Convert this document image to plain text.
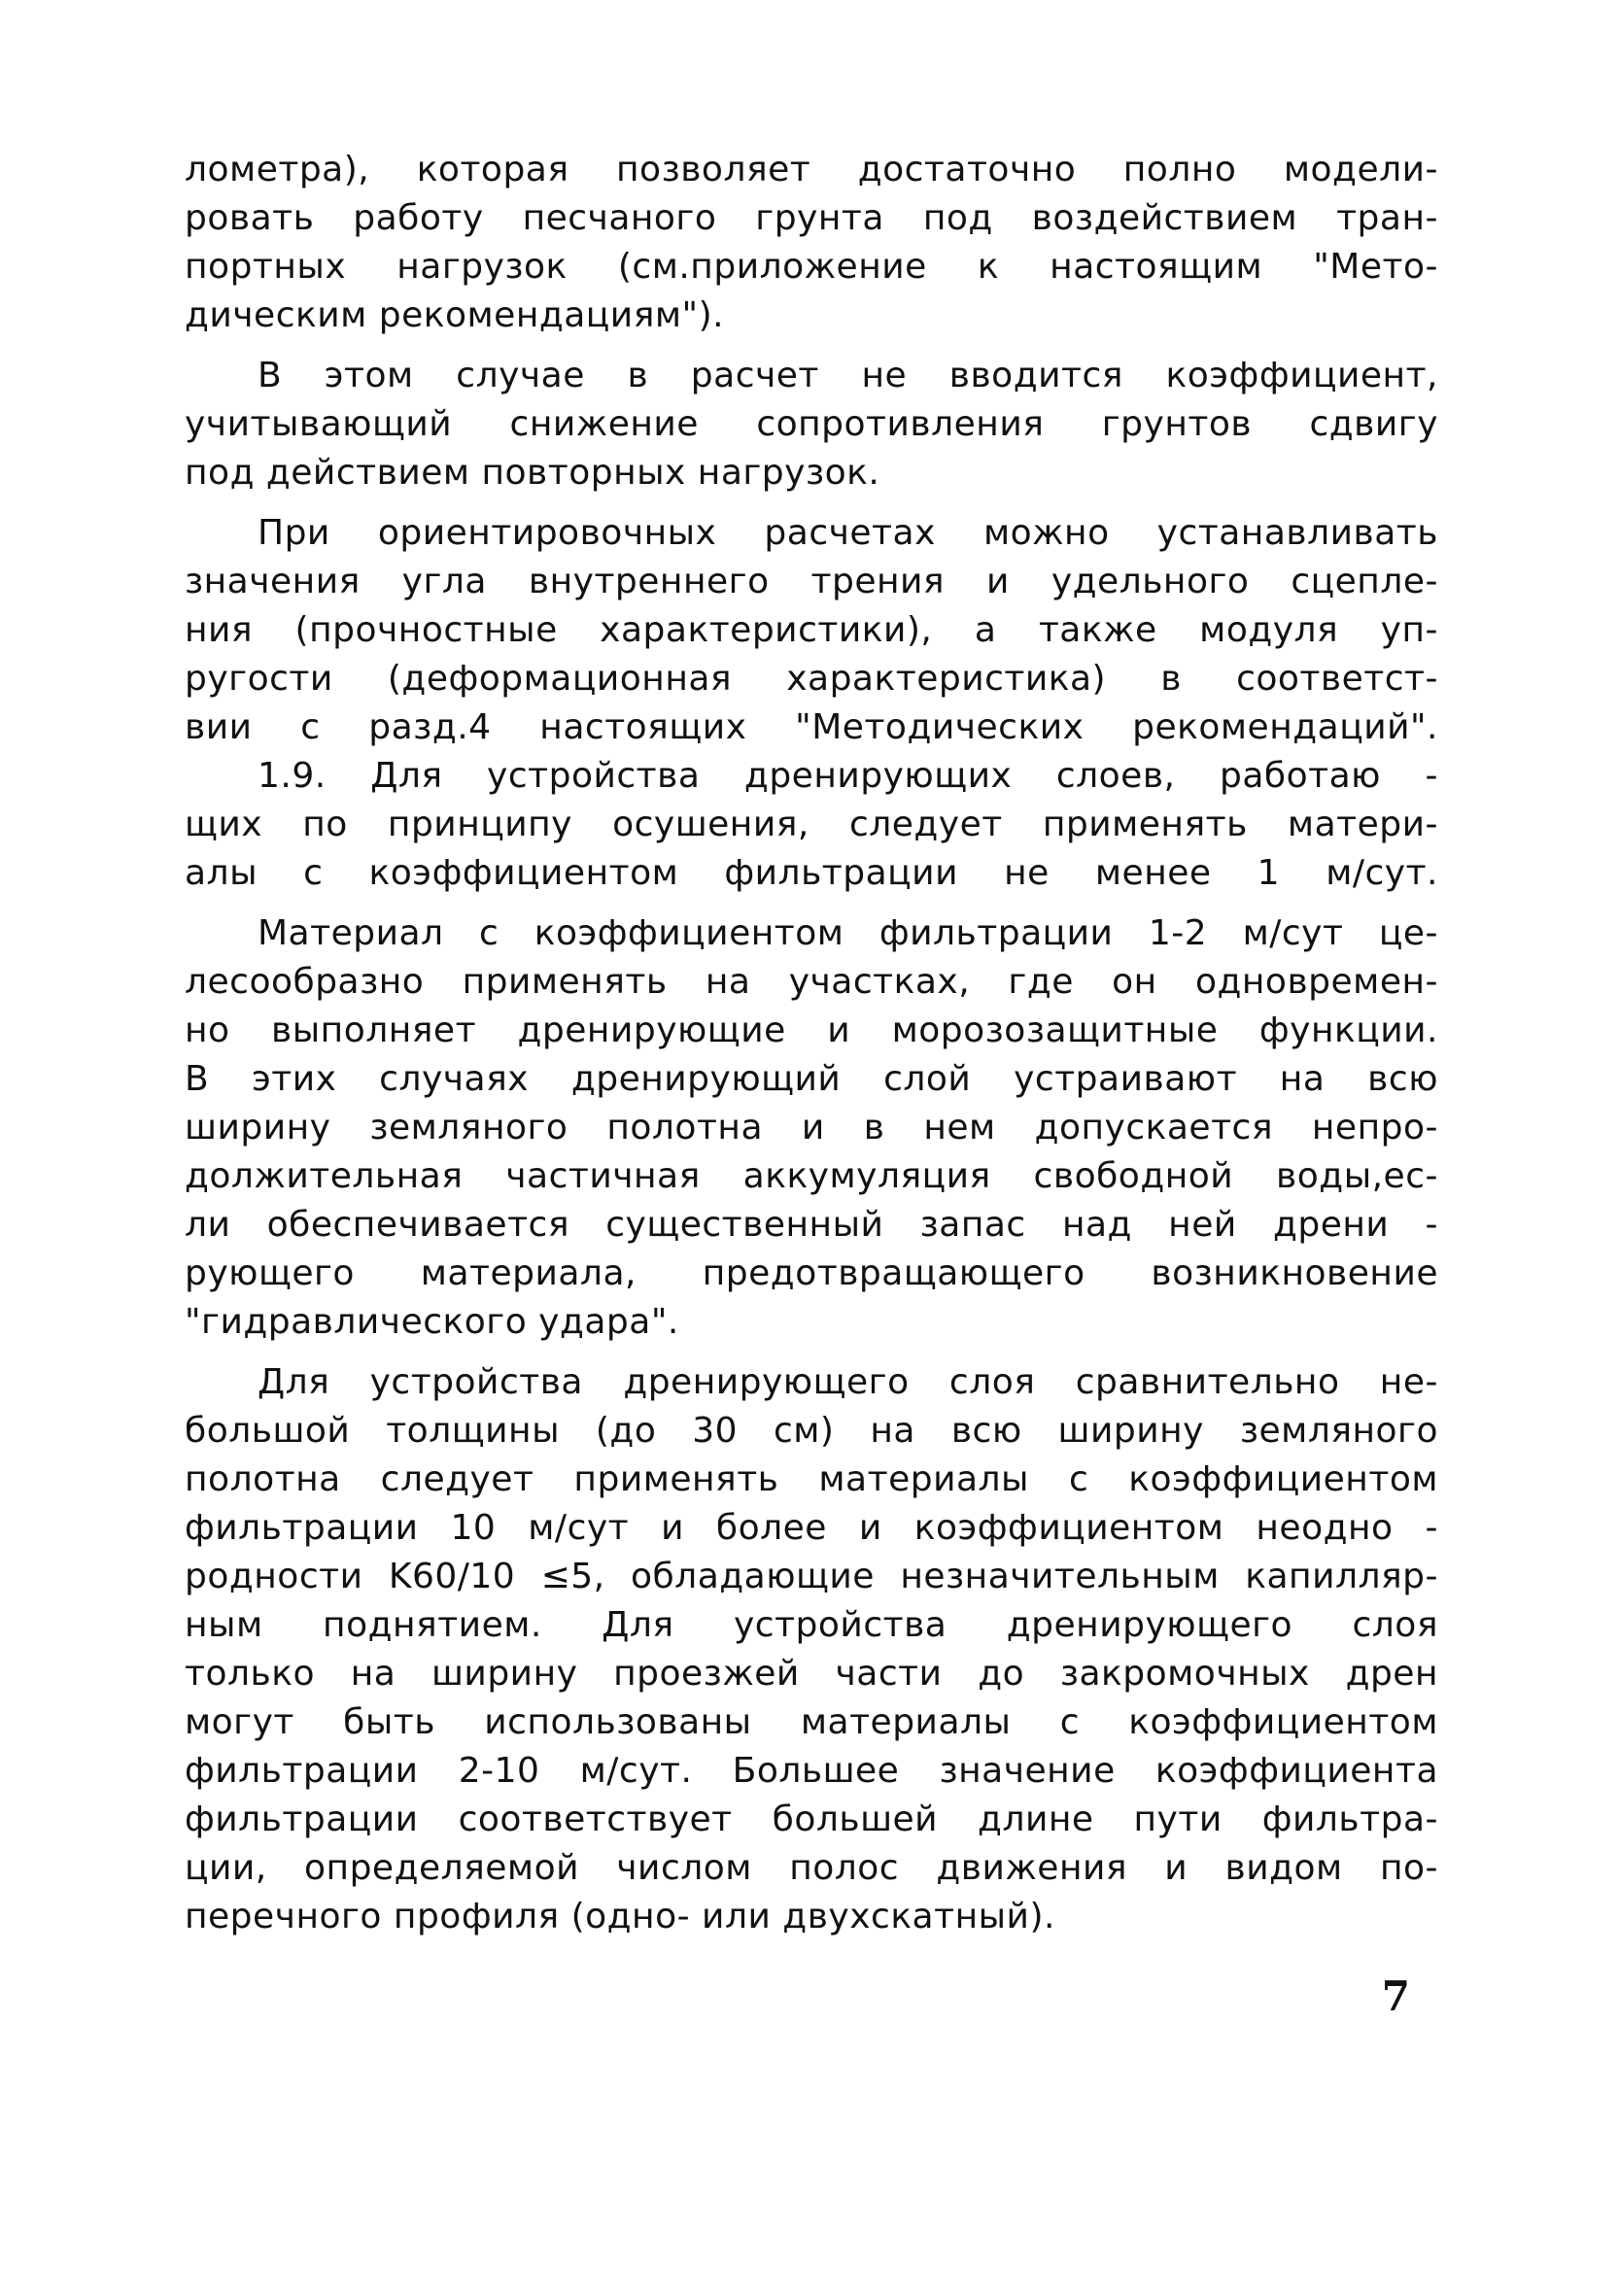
лометра), которая позволяет достаточно полно модели-
ровать работу песчаного грунта под воздействием тран-
портных нагрузок (см.приложение к настоящим "Мето-
дическим рекомендациям").
В этом случае в расчет не вводится коэффициент,
учитывающий снижение сопротивления грунтов сдвигу
под действием повторных нагрузок.
При ориентировочных расчетах можно устанавливать
значения угла внутреннего трения и удельного сцепле-
ния (прочностные характеристики), а также модуля уп-
ругости (деформационная характеристика) в соответст-
вии с разд.4 настоящих "Методических рекомендаций".
1.9. Для устройства дренирующих слоев, работаю -
щих по принципу осушения, следует применять матери-
алы с коэффициентом фильтрации не менее 1 м/сут.
Материал с коэффициентом фильтрации 1-2 м/сут це-
лесообразно применять на участках, где он одновремен-
но выполняет дренирующие и морозозащитные функции.
В этих случаях дренирующий слой устраивают на всю
ширину земляного полотна и в нем допускается непро-
должительная частичная аккумуляция свободной воды,ес-
ли обеспечивается существенный запас над ней дрени -
рующего материала, предотвращающего возникновение
"гидравлического удара".
Для устройства дренирующего слоя сравнительно не-
большой толщины (до 30 см) на всю ширину земляного
полотна следует применять материалы с коэффициентом
фильтрации 10 м/сут и более и коэффициентом неодно -
родности K60/10 ≤5, обладающие незначительным капилляр-
ным поднятием. Для устройства дренирующего слоя
только на ширину проезжей части до закромочных дрен
могут быть использованы материалы с коэффициентом
фильтрации 2-10 м/сут. Большее значение коэффициента
фильтрации соответствует большей длине пути фильтра-
ции, определяемой числом полос движения и видом по-
перечного профиля (одно- или двухскатный).
7
